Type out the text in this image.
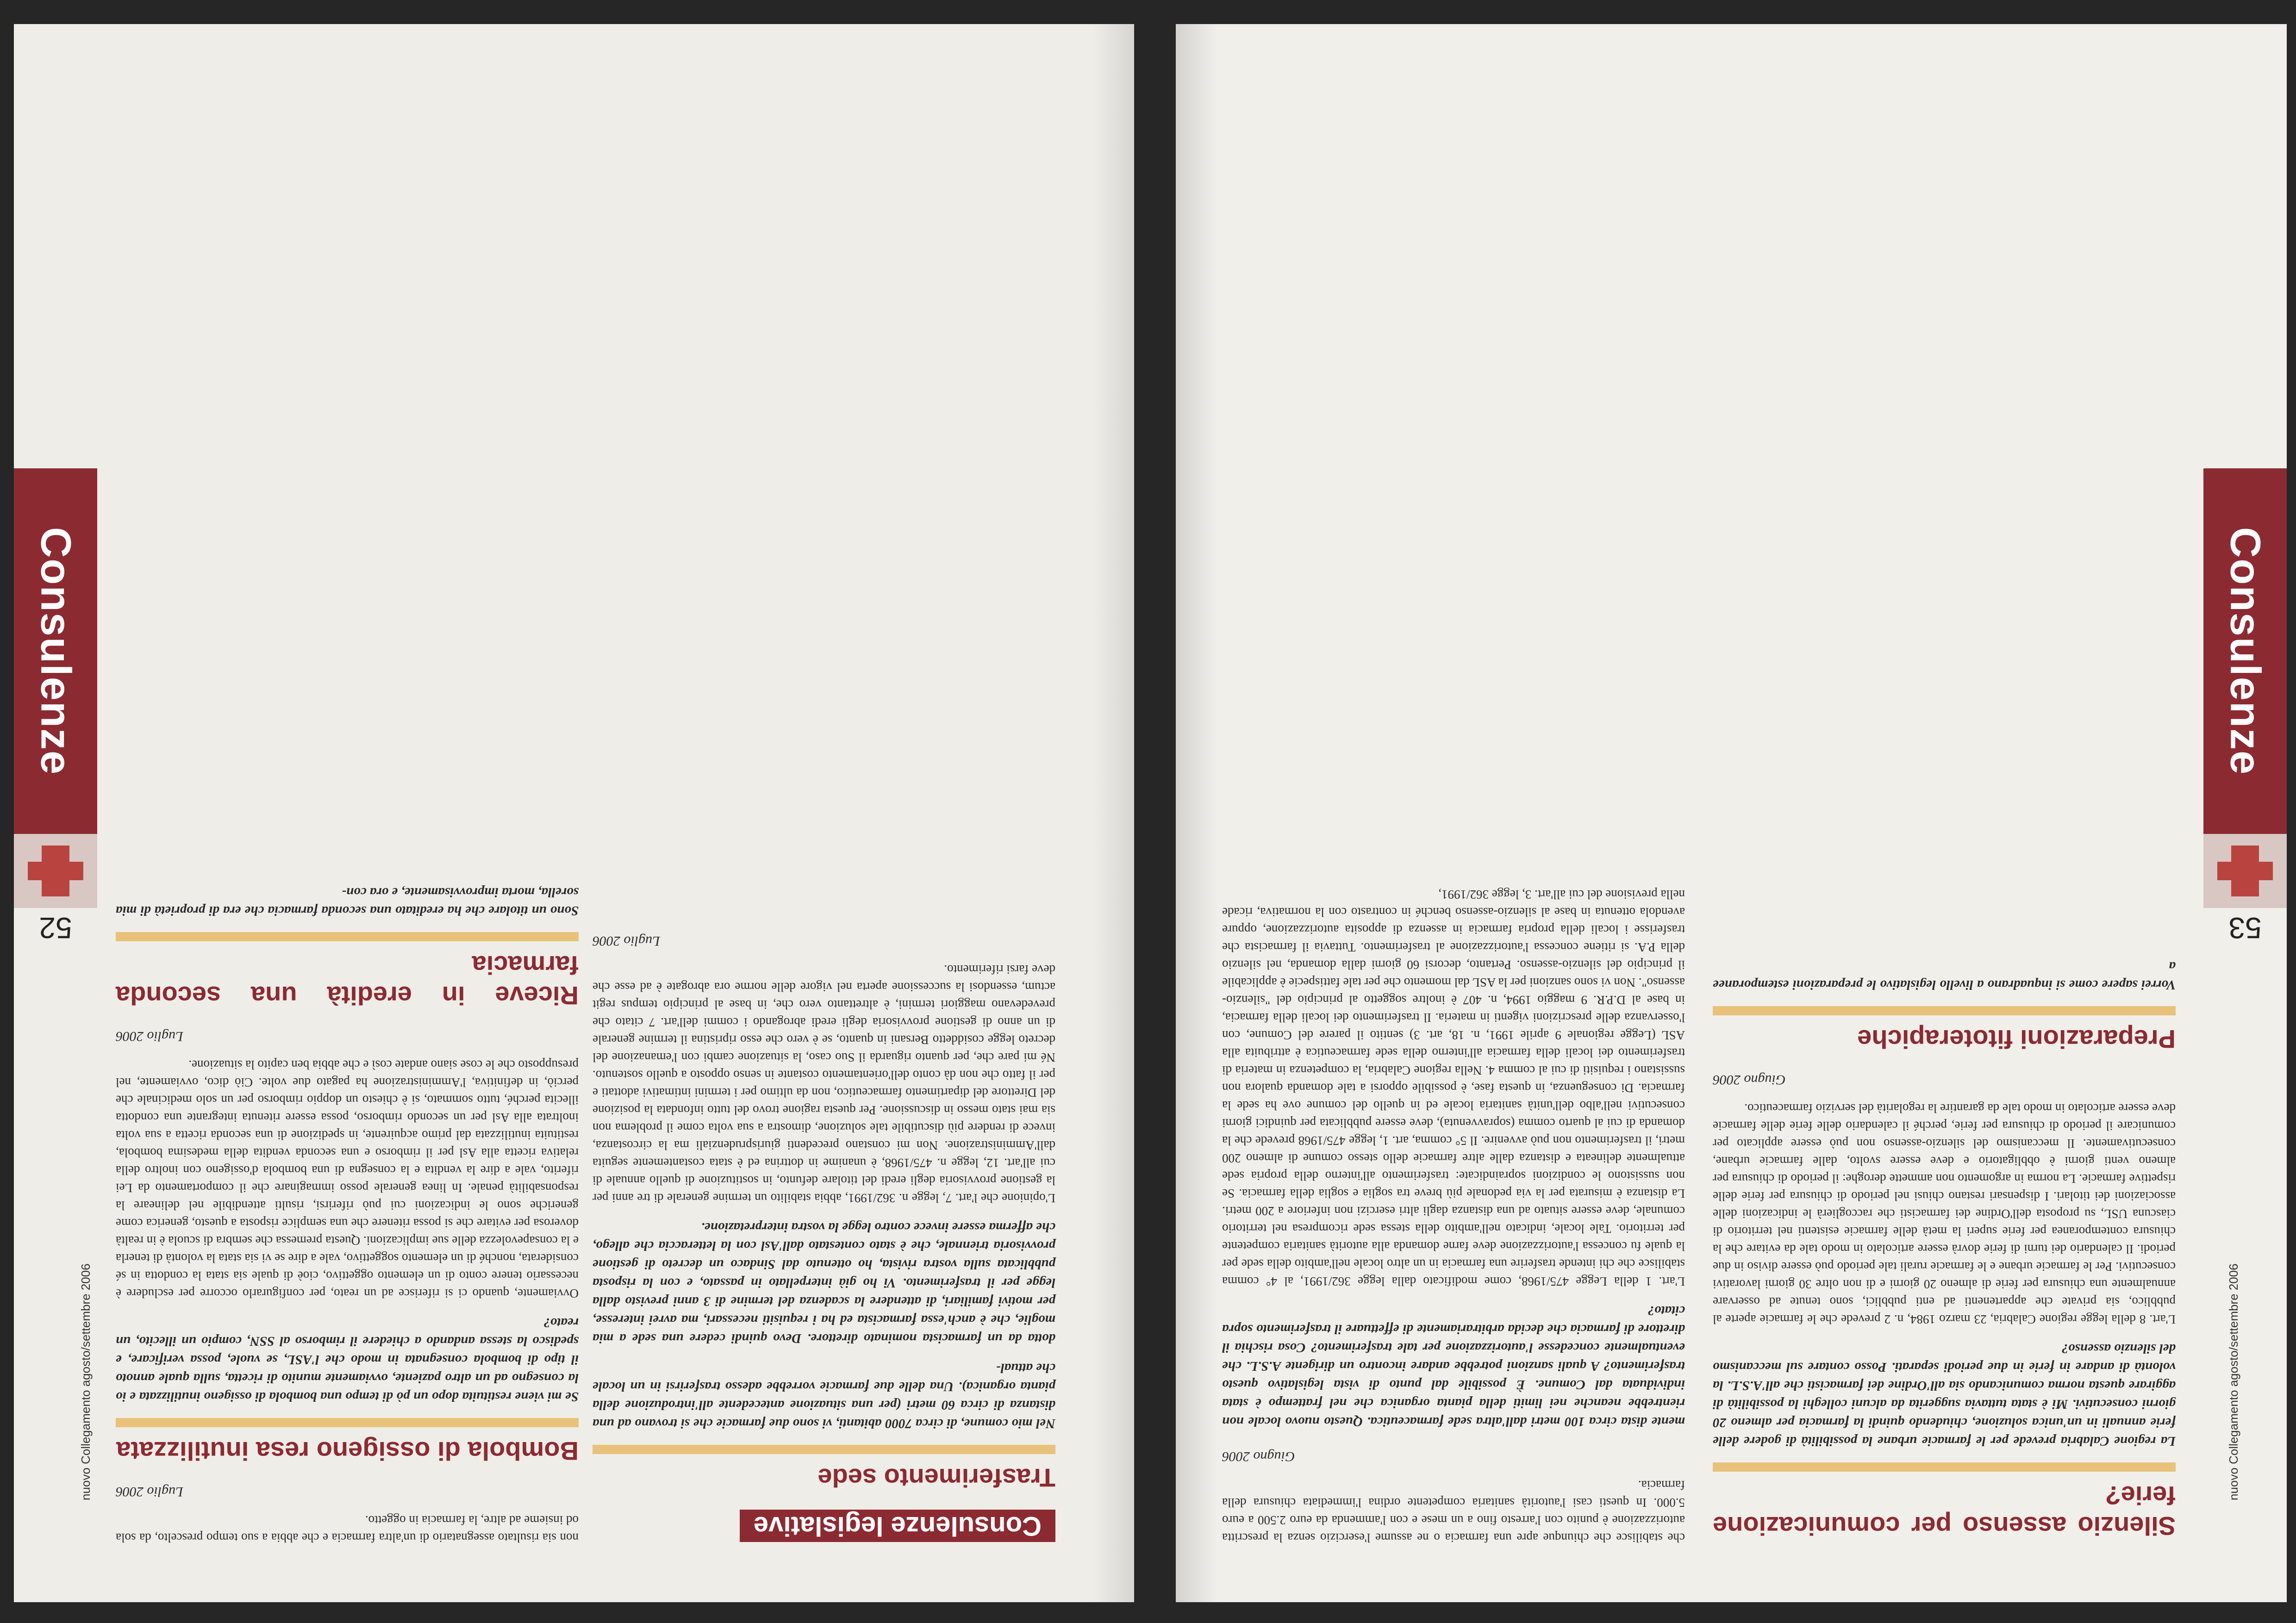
nuovo Collegamento agosto/settembre 2006
53
Consulenze
Silenzio assenso per comunicazione ferie?
La regione Calabria prevede per le farmacie urbane la possibilità di godere delle ferie annuali in un'unica soluzione, chiudendo quindi la farmacia per almeno 20 giorni consecutivi. Mi è stata tuttavia suggerita da alcuni colleghi la possibilità di aggirare questa norma comunicando sia all'Ordine dei farmacisti che all'A.S.L. la volontà di andare in ferie in due periodi separati. Posso contare sul meccanismo del silenzio assenso?
L'art. 8 della legge regione Calabria, 23 marzo 1984, n. 2 prevede che le farmacie aperte al pubblico, sia private che appartenenti ad enti pubblici, sono tenute ad osservare annualmente una chiusura per ferie di almeno 20 giorni e di non oltre 30 giorni lavorativi consecutivi. Per le farmacie urbane e le farmacie rurali tale periodo può essere diviso in due periodi. Il calendario dei turni di ferie dovrà essere articolato in modo tale da evitare che la chiusura contemporanea per ferie superi la metà delle farmacie esistenti nel territorio di ciascuna USL, su proposta dell'Ordine dei farmacisti che raccoglierà le indicazioni delle associazioni dei titolari. I dispensari restano chiusi nel periodo di chiusura per ferie delle rispettive farmacie. La norma in argomento non ammette deroghe: il periodo di chiusura per almeno venti giorni è obbligatorio e deve essere svolto, dalle farmacie urbane, consecutivamente. Il meccanismo del silenzio-assenso non può essere applicato per comunicare il periodo di chiusura per ferie, perché il calendario delle ferie delle farmacie deve essere articolato in modo tale da garantire la regolarità del servizio farmaceutico.
Giugno 2006
Preparazioni fitoterapiche
Vorrei sapere come si inquadrano a livello legislativo le preparazioni estemporanee a
che stabilisce che chiunque apre una farmacia o ne assume l'esercizio senza la prescritta autorizzazione è punito con l'arresto fino a un mese e con l'ammenda da euro 2.500 a euro 5.000. In questi casi l'autorità sanitaria competente ordina l'immediata chiusura della farmacia.
Giugno 2006
mente dista circa 100 metri dall'altra sede farmaceutica. Questo nuovo locale non rientrebbe neanche nei limiti della pianta organica che nel frattempo è stata individuata dal Comune. È possibile dal punto di vista legislativo questo trasferimento? A quali sanzioni potrebbe andare incontro un dirigente A.S.L. che eventualmente concedesse l'autorizzazione per tale trasferimento? Cosa rischia il direttore di farmacia che decida arbitrariamente di effettuare il trasferimento sopra citato?
L'art. 1 della Legge 475/1968, come modificato dalla legge 362/1991, al 4° comma stabilisce che chi intende trasferire una farmacia in un altro locale nell'ambito della sede per la quale fu concessa l'autorizzazione deve farne domanda alla autorità sanitaria competente per territorio. Tale locale, indicato nell'ambito della stessa sede ricompresa nel territorio comunale, deve essere situato ad una distanza dagli altri esercizi non inferiore a 200 metri. La distanza è misurata per la via pedonale più breve tra soglia e soglia della farmacia. Se non sussistono le condizioni sopraindicate: trasferimento all'interno della propria sede attualmente delineata e distanza dalle altre farmacie dello stesso comune di almeno 200 metri, il trasferimento non può avvenire. Il 5° comma, art. 1, legge 475/1968 prevede che la domanda di cui al quarto comma (sopravvenuta), deve essere pubblicata per quindici giorni consecutivi nell'albo dell'unità sanitaria locale ed in quello del comune ove ha sede la farmacia. Di conseguenza, in questa fase, è possibile opporsi a tale domanda qualora non sussistano i requisiti di cui al comma 4. Nella regione Calabria, la competenza in materia di trasferimento dei locali della farmacia all'interno della sede farmaceutica è attribuita alla ASL (Legge regionale 9 aprile 1991, n. 18, art. 3) sentito il parere del Comune, con l'osservanza delle prescrizioni vigenti in materia. Il trasferimento dei locali della farmacia, in base al D.P.R. 9 maggio 1994, n. 407 è inoltre soggetto al principio del "silenzio-assenso". Non vi sono sanzioni per la ASL dal momento che per tale fattispecie è applicabile il principio del silenzio-assenso. Pertanto, decorsi 60 giorni dalla domanda, nel silenzio della P.A. si ritiene concessa l'autorizzazione al trasferimento. Tuttavia il farmacista che trasferisse i locali della propria farmacia in assenza di apposita autorizzazione, oppure avendola ottenuta in base al silenzio-assenso benché in contrasto con la normativa, ricade nella previsione del cui all'art. 3, legge 362/1991,
nuovo Collegamento agosto/settembre 2006
52
Consulenze
Consulenze legislative
Trasferimento sede
Nel mio comune, di circa 7000 abitanti, vi sono due farmacie che si trovano ad una distanza di circa 60 metri (per una situazione antecedente all'introduzione della pianta organica). Una delle due farmacie vorrebbe adesso trasferirsi in un locale che attual-
dotta da un farmacista nominato direttore. Devo quindi cedere una sede a mia moglie, che è anch'essa farmacista ed ha i requisiti necessari, ma avrei interesse, per motivi familiari, di attendere la scadenza del termine di 3 anni previsto dalla legge per il trasferimento. Vi ho già interpellato in passato, e con la risposta pubblicata sulla vostra rivista, ho ottenuto dal Sindaco un decreto di gestione provvisoria triennale, che è stato contestato dall'Asl con la letteraccia che allego, che afferma essere invece contro legge la vostra interpretazione.
L'opinione che l'art. 7, legge n. 362/1991, abbia stabilito un termine generale di tre anni per la gestione provvisoria degli eredi del titolare defunto, in sostituzione di quello annuale di cui all'art. 12, legge n. 475/1968, è unanime in dottrina ed è stata costantemente seguita dall'Amministrazione. Non mi constano precedenti giurisprudenziali ma la circostanza, invece di rendere più discutibile tale soluzione, dimostra a sua volta come il problema non sia mai stato messo in discussione. Per questa ragione trovo del tutto infondata la posizione del Direttore del dipartimento farmaceutico, non da ultimo per i termini intimativi adottati e per il fatto che non dà conto dell'orientamento costante in senso opposto a quello sostenuto. Né mi pare che, per quanto riguarda il Suo caso, la situazione cambi con l'emanazione del decreto legge cosiddetto Bersani in quanto, se è vero che esso ripristina il termine generale di un anno di gestione provvisoria degli eredi abrogando i commi dell'art. 7 citato che prevedevano maggiori termini, è altrettanto vero che, in base al principio tempus regit actum, essendosi la successione aperta nel vigore delle norme ora abrogate è ad esse che deve farsi riferimento.
Luglio 2006
non sia risultato assegnatario di un'altra farmacia e che abbia a suo tempo prescelto, da sola od insieme ad altre, la farmacia in oggetto.
Luglio 2006
Bombola di ossigeno resa inutilizzata
Se mi viene restituita dopo un pò di tempo una bombola di ossigeno inutilizzata e io la consegno ad un altro paziente, ovviamente munito di ricetta, sulla quale annoto il tipo di bombola consegnata in modo che l'ASL, se vuole, possa verificare, e spedisco la stessa andando a chiedere il rimborso al SSN, compio un illecito, un reato?
Ovviamente, quando ci si riferisce ad un reato, per configurarlo occorre per escludere è necessario tenere conto di un elemento oggettivo, cioè di quale sia stata la condotta in sé considerata, nonché di un elemento soggettivo, vale a dire se vi sia stata la volontà di tenerla e la consapevolezza delle sue implicazioni. Questa premessa che sembra di scuola è in realtà doverosa per evitare che si possa ritenere che una semplice risposta a questo, generica come generiche sono le indicazioni cui può riferirsi, risulti attendibile nel delineare la responsabilità penale. In linea generale posso immaginare che il comportamento da Lei riferito, vale a dire la vendita e la consegna di una bombola d'ossigeno con inoltro della relativa ricetta alla Asl per il rimborso e una seconda vendita della medesima bombola, restituita inutilizzata dal primo acquirente, in spedizione di una seconda ricetta a sua volta inoltrata alla Asl per un secondo rimborso, possa essere ritenuta integrante una condotta illecita perché, tutto sommato, si è chiesto un doppio rimborso per un solo medicinale che perciò, in definitiva, l'Amministrazione ha pagato due volte. Ciò dico, ovviamente, nel presupposto che le cose siano andate così e che abbia ben capito la situazione.
Luglio 2006
Riceve in eredità una seconda farmacia
Sono un titolare che ha ereditato una seconda farmacia che era di proprietà di mia sorella, morta improvvisamente, e ora con-
